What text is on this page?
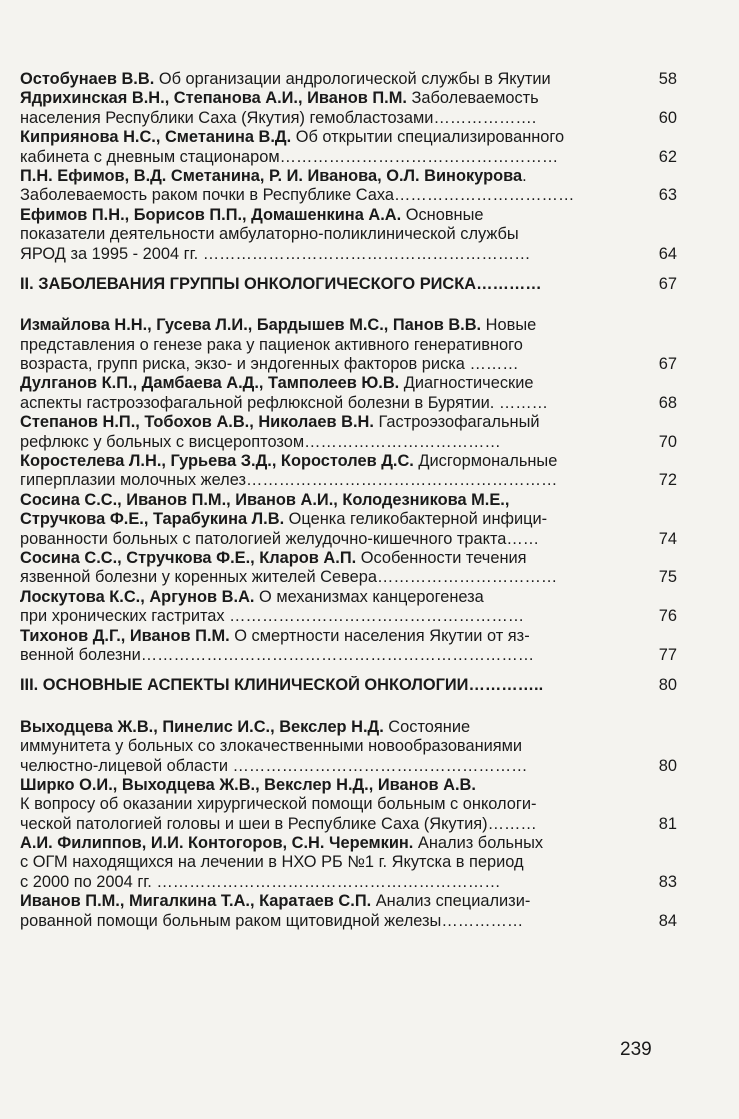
Остобунаев В.В. Об организации андрологической службы в Якутии	58
Ядрихинская В.Н., Степанова А.И., Иванов П.М. Заболеваемость
населения Республики Саха (Якутия) гемобластозами……………….	60
Киприянова Н.С., Сметанина В.Д. Об открытии специализированного
кабинета с дневным стационаром……………………………………………	62
П.Н. Ефимов, В.Д. Сметанина, Р. И. Иванова, О.Л. Винокурова.
Заболеваемость раком почки в Республике Саха……………………………	63
Ефимов П.Н., Борисов П.П., Домашенкина А.А. Основные
показатели деятельности амбулаторно-поликлинической службы
ЯРОД за 1995 - 2004 гг. ……………………………………………………	64
II. ЗАБОЛЕВАНИЯ ГРУППЫ ОНКОЛОГИЧЕСКОГО РИСКА…………	67
Измайлова Н.Н., Гусева Л.И., Бардышев М.С., Панов В.В. Новые
представления о генезе рака у пациенок активного генеративного
возраста, групп риска, экзо- и эндогенных факторов риска ………	67
Дулганов К.П., Дамбаева А.Д., Тамполеев Ю.В. Диагностические
аспекты гастроэзофагальной рефлюксной болезни в Бурятии. ………	68
Степанов Н.П., Тобохов А.В., Николаев В.Н. Гастроэзофагальный
рефлюкс у больных с висцероптозом………………………………	70
Коростелева Л.Н., Гурьева З.Д., Коростолев Д.С. Дисгормональные
гиперплазии молочных желез…………………………………………………	72
Сосина С.С., Иванов П.М., Иванов А.И., Колодезникова М.Е.,
Стручкова Ф.Е., Тарабукина Л.В. Оценка геликобактерной инфици-
рованности больных с патологией желудочно-кишечного тракта……	74
Сосина С.С., Стручкова Ф.Е., Кларов А.П. Особенности течения
язвенной болезни у коренных жителей Севера……………………………	75
Лоскутова К.С., Аргунов В.А. О механизмах канцерогенеза
при хронических гастритах ………………………………………………	76
Тихонов Д.Г., Иванов П.М. О смертности населения Якутии от яз-
венной болезни………………………………………………………………	77
III. ОСНОВНЫЕ АСПЕКТЫ КЛИНИЧЕСКОЙ ОНКОЛОГИИ…………..	80
Выходцева Ж.В., Пинелис И.С., Векслер Н.Д. Состояние
иммунитета у больных со злокачественными новообразованиями
челюстно-лицевой области ………………………………………………	80
Ширко О.И., Выходцева Ж.В., Векслер Н.Д., Иванов А.В.
К вопросу об оказании хирургической помощи больным с онкологи-
ческой патологией головы и шеи в Республике Саха (Якутия)………	81
А.И. Филиппов, И.И. Контогоров, С.Н. Черемкин. Анализ больных
с ОГМ находящихся на лечении в НХО РБ №1 г. Якутска в период
с 2000 по 2004 гг. ………………………………………………………	83
Иванов П.М., Мигалкина Т.А., Каратаев С.П. Анализ специализи-
рованной помощи больным раком щитовидной железы……………	84
239
